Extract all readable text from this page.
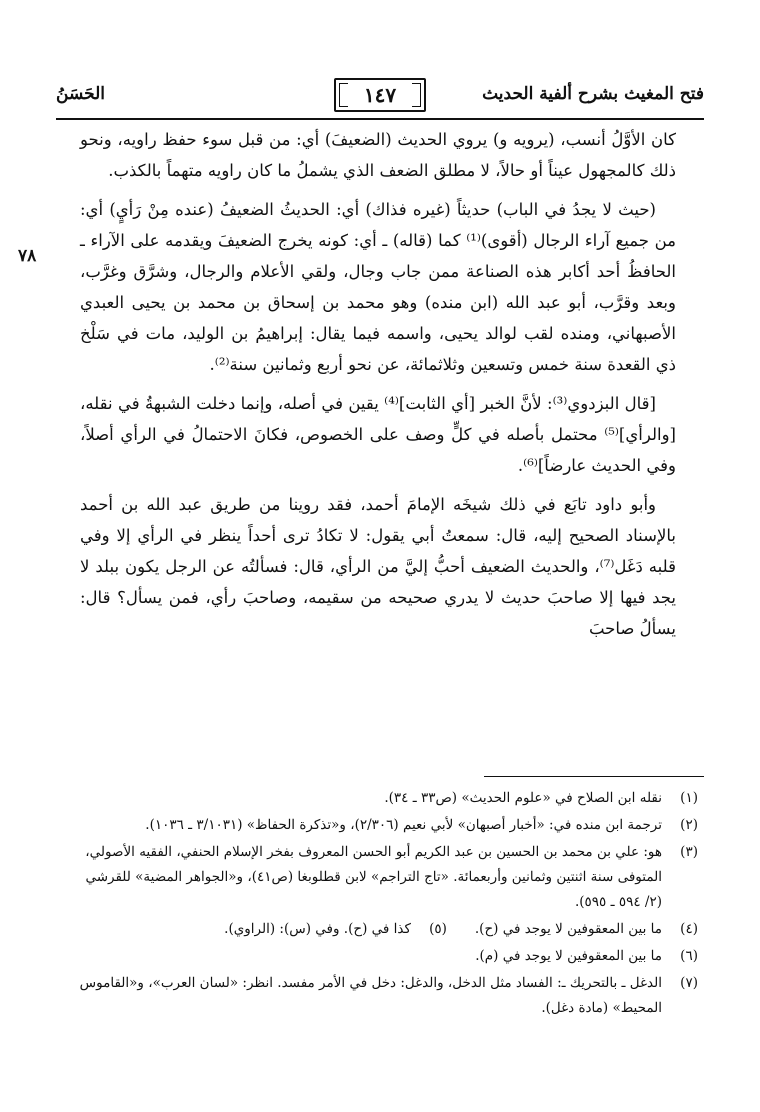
فتح المغيث بشرح ألفية الحديث
١٤٧
الحَسَنُ
٧٨

كان الأوَّلُ أنسب، (يرويه و) يروي الحديث (الضعيفَ) أي: من قبل سوء حفظ راويه، ونحو ذلك كالمجهول عيناً أو حالاً، لا مطلق الضعف الذي يشملُ ما كان راويه متهماً بالكذب.

(حيث لا يجدُ في الباب) حديثاً (غيره فذاك) أي: الحديثُ الضعيفُ (عنده مِنْ رَأيٍ) أي: من جميع آراء الرجال (أقوى)⁽¹⁾ كما (قاله) ـ أي: كونه يخرج الضعيفَ ويقدمه على الآراء ـ الحافظُ أحد أكابر هذه الصناعة ممن جاب وجال، ولقي الأعلام والرجال، وشرَّق وغرَّب، وبعد وقرَّب، أبو عبد الله (ابن منده) وهو محمد بن إسحاق بن محمد بن يحيى العبدي الأصبهاني، ومنده لقب لوالد يحيى، واسمه فيما يقال: إبراهيمُ بن الوليد، مات في سَلْخ ذي القعدة سنة خمس وتسعين وثلاثمائة، عن نحو أربع وثمانين سنة⁽²⁾.

[قال البزدوي⁽³⁾: لأنَّ الخبر [أي الثابت]⁽⁴⁾ يقين في أصله، وإنما دخلت الشبهةُ في نقله، [والرأي]⁽⁵⁾ محتمل بأصله في كلٍّ وصف على الخصوص، فكانَ الاحتمالُ في الرأي أصلاً، وفي الحديث عارضاً]⁽⁶⁾.

وأبو داود تابَع في ذلك شيخَه الإمامَ أحمد، فقد روينا من طريق عبد الله بن أحمد بالإسناد الصحيح إليه، قال: سمعتُ أبي يقول: لا تكادُ ترى أحداً ينظر في الرأي إلا وفي قلبه دَغَل⁽⁷⁾، والحديث الضعيف أحبُّ إليَّ من الرأي، قال: فسألتُه عن الرجل يكون ببلد لا يجد فيها إلا صاحبَ حديث لا يدري صحيحه من سقيمه، وصاحبَ رأي، فمن يسأل؟ قال: يسألُ صاحبَ

(١)
نقله ابن الصلاح في «علوم الحديث» (ص٣٣ ـ ٣٤).
(٢)
ترجمة ابن منده في: «أخبار أصبهان» لأبي نعيم (٢/٣٠٦)، و«تذكرة الحفاظ» (٣/١٠٣١ ـ ١٠٣٦).
(٣)
هو: علي بن محمد بن الحسين بن عبد الكريم أبو الحسن المعروف بفخر الإسلام الحنفي، الفقيه الأصولي، المتوفى سنة اثنتين وثمانين وأربعمائة. «تاج التراجم» لابن قطلوبغا (ص٤١)، و«الجواهر المضية» للقرشي (٢/ ٥٩٤ ـ ٥٩٥).
(٤)
ما بين المعقوفين لا يوجد في (ح).
(٥)
كذا في (ح). وفي (س): (الراوي).
(٦)
ما بين المعقوفين لا يوجد في (م).
(٧)
الدغل ـ بالتحريك ـ: الفساد مثل الدخل، والدغل: دخل في الأمر مفسد. انظر: «لسان العرب»، و«القاموس المحيط» (مادة دغل).
